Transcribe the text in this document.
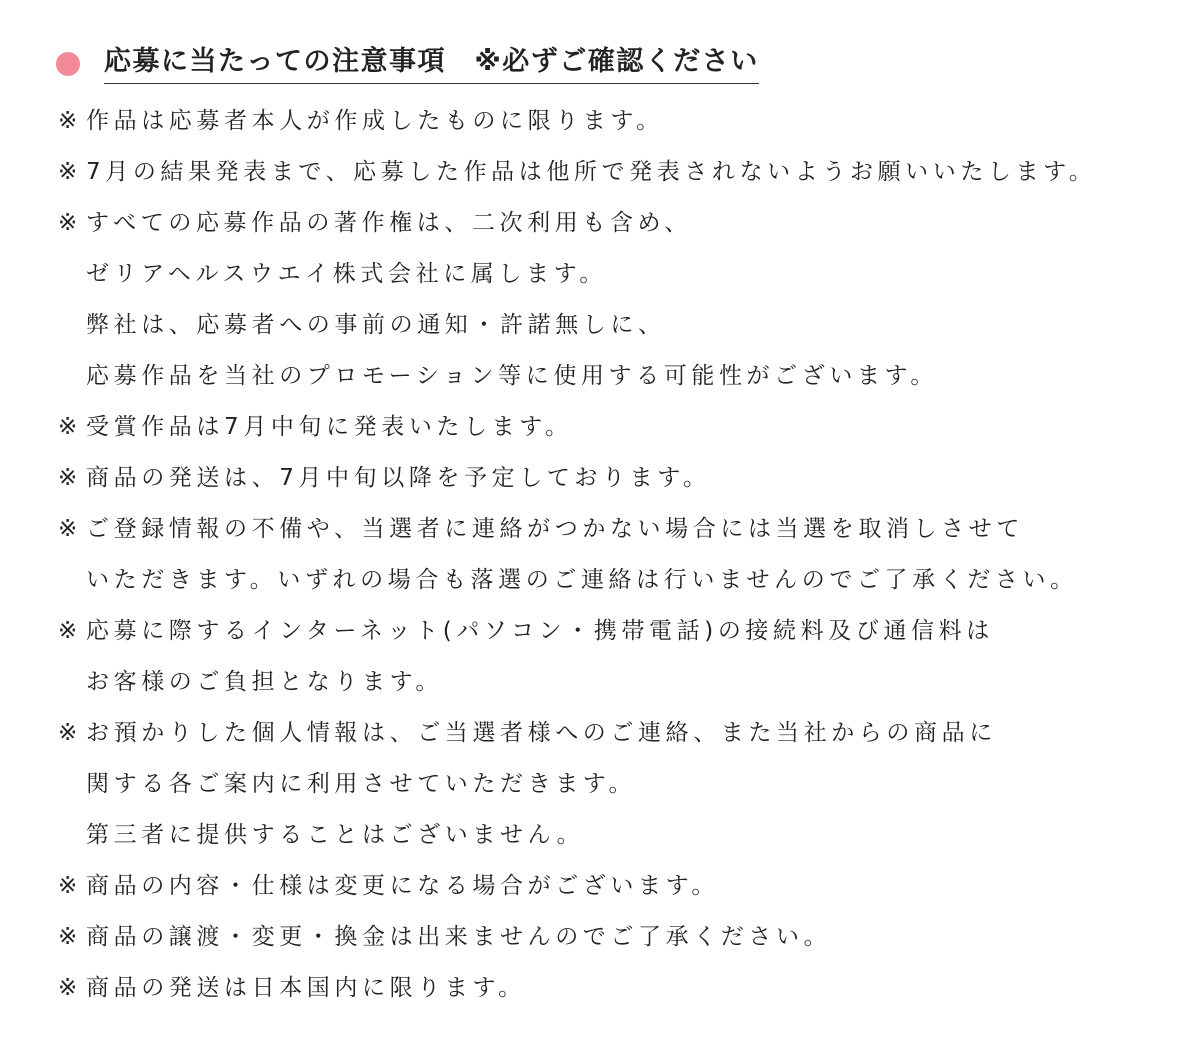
応募に当たっての注意事項　※必ずご確認ください
※ 作品は応募者本人が作成したものに限ります。
※ 7月の結果発表まで、応募した作品は他所で発表されないようお願いいたします。
※ すべての応募作品の著作権は、二次利用も含め、
ゼリアヘルスウエイ株式会社に属します。
弊社は、応募者への事前の通知・許諾無しに、
応募作品を当社のプロモーション等に使用する可能性がございます。
※ 受賞作品は7月中旬に発表いたします。
※ 商品の発送は、7月中旬以降を予定しております。
※ ご登録情報の不備や、当選者に連絡がつかない場合には当選を取消しさせて
いただきます。いずれの場合も落選のご連絡は行いませんのでご了承ください。
※ 応募に際するインターネット(パソコン・携帯電話)の接続料及び通信料は
お客様のご負担となります。
※ お預かりした個人情報は、ご当選者様へのご連絡、また当社からの商品に
関する各ご案内に利用させていただきます。
第三者に提供することはございません。
※ 商品の内容・仕様は変更になる場合がございます。
※ 商品の譲渡・変更・換金は出来ませんのでご了承ください。
※ 商品の発送は日本国内に限ります。
